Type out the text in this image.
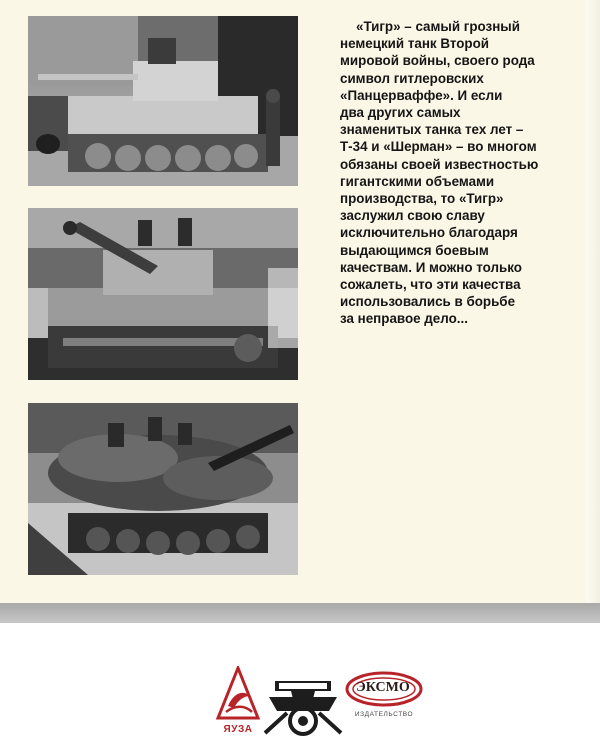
«Тигр» – самый грозный
немецкий танк Второй
мировой войны, своего рода
символ гитлеровских
«Панцерваффе». И если
два других самых
знаменитых танка тех лет –
Т-34 и «Шерман» – во многом
обязаны своей известностью
гигантскими объемами
производства, то «Тигр»
заслужил свою славу
исключительно благодаря
выдающимся боевым
качествам. И можно только
сожалеть, что эти качества
использовались в борьбе
за неправое дело...

ЯУЗА
ЭКСМО
ИЗДАТЕЛЬСТВО
